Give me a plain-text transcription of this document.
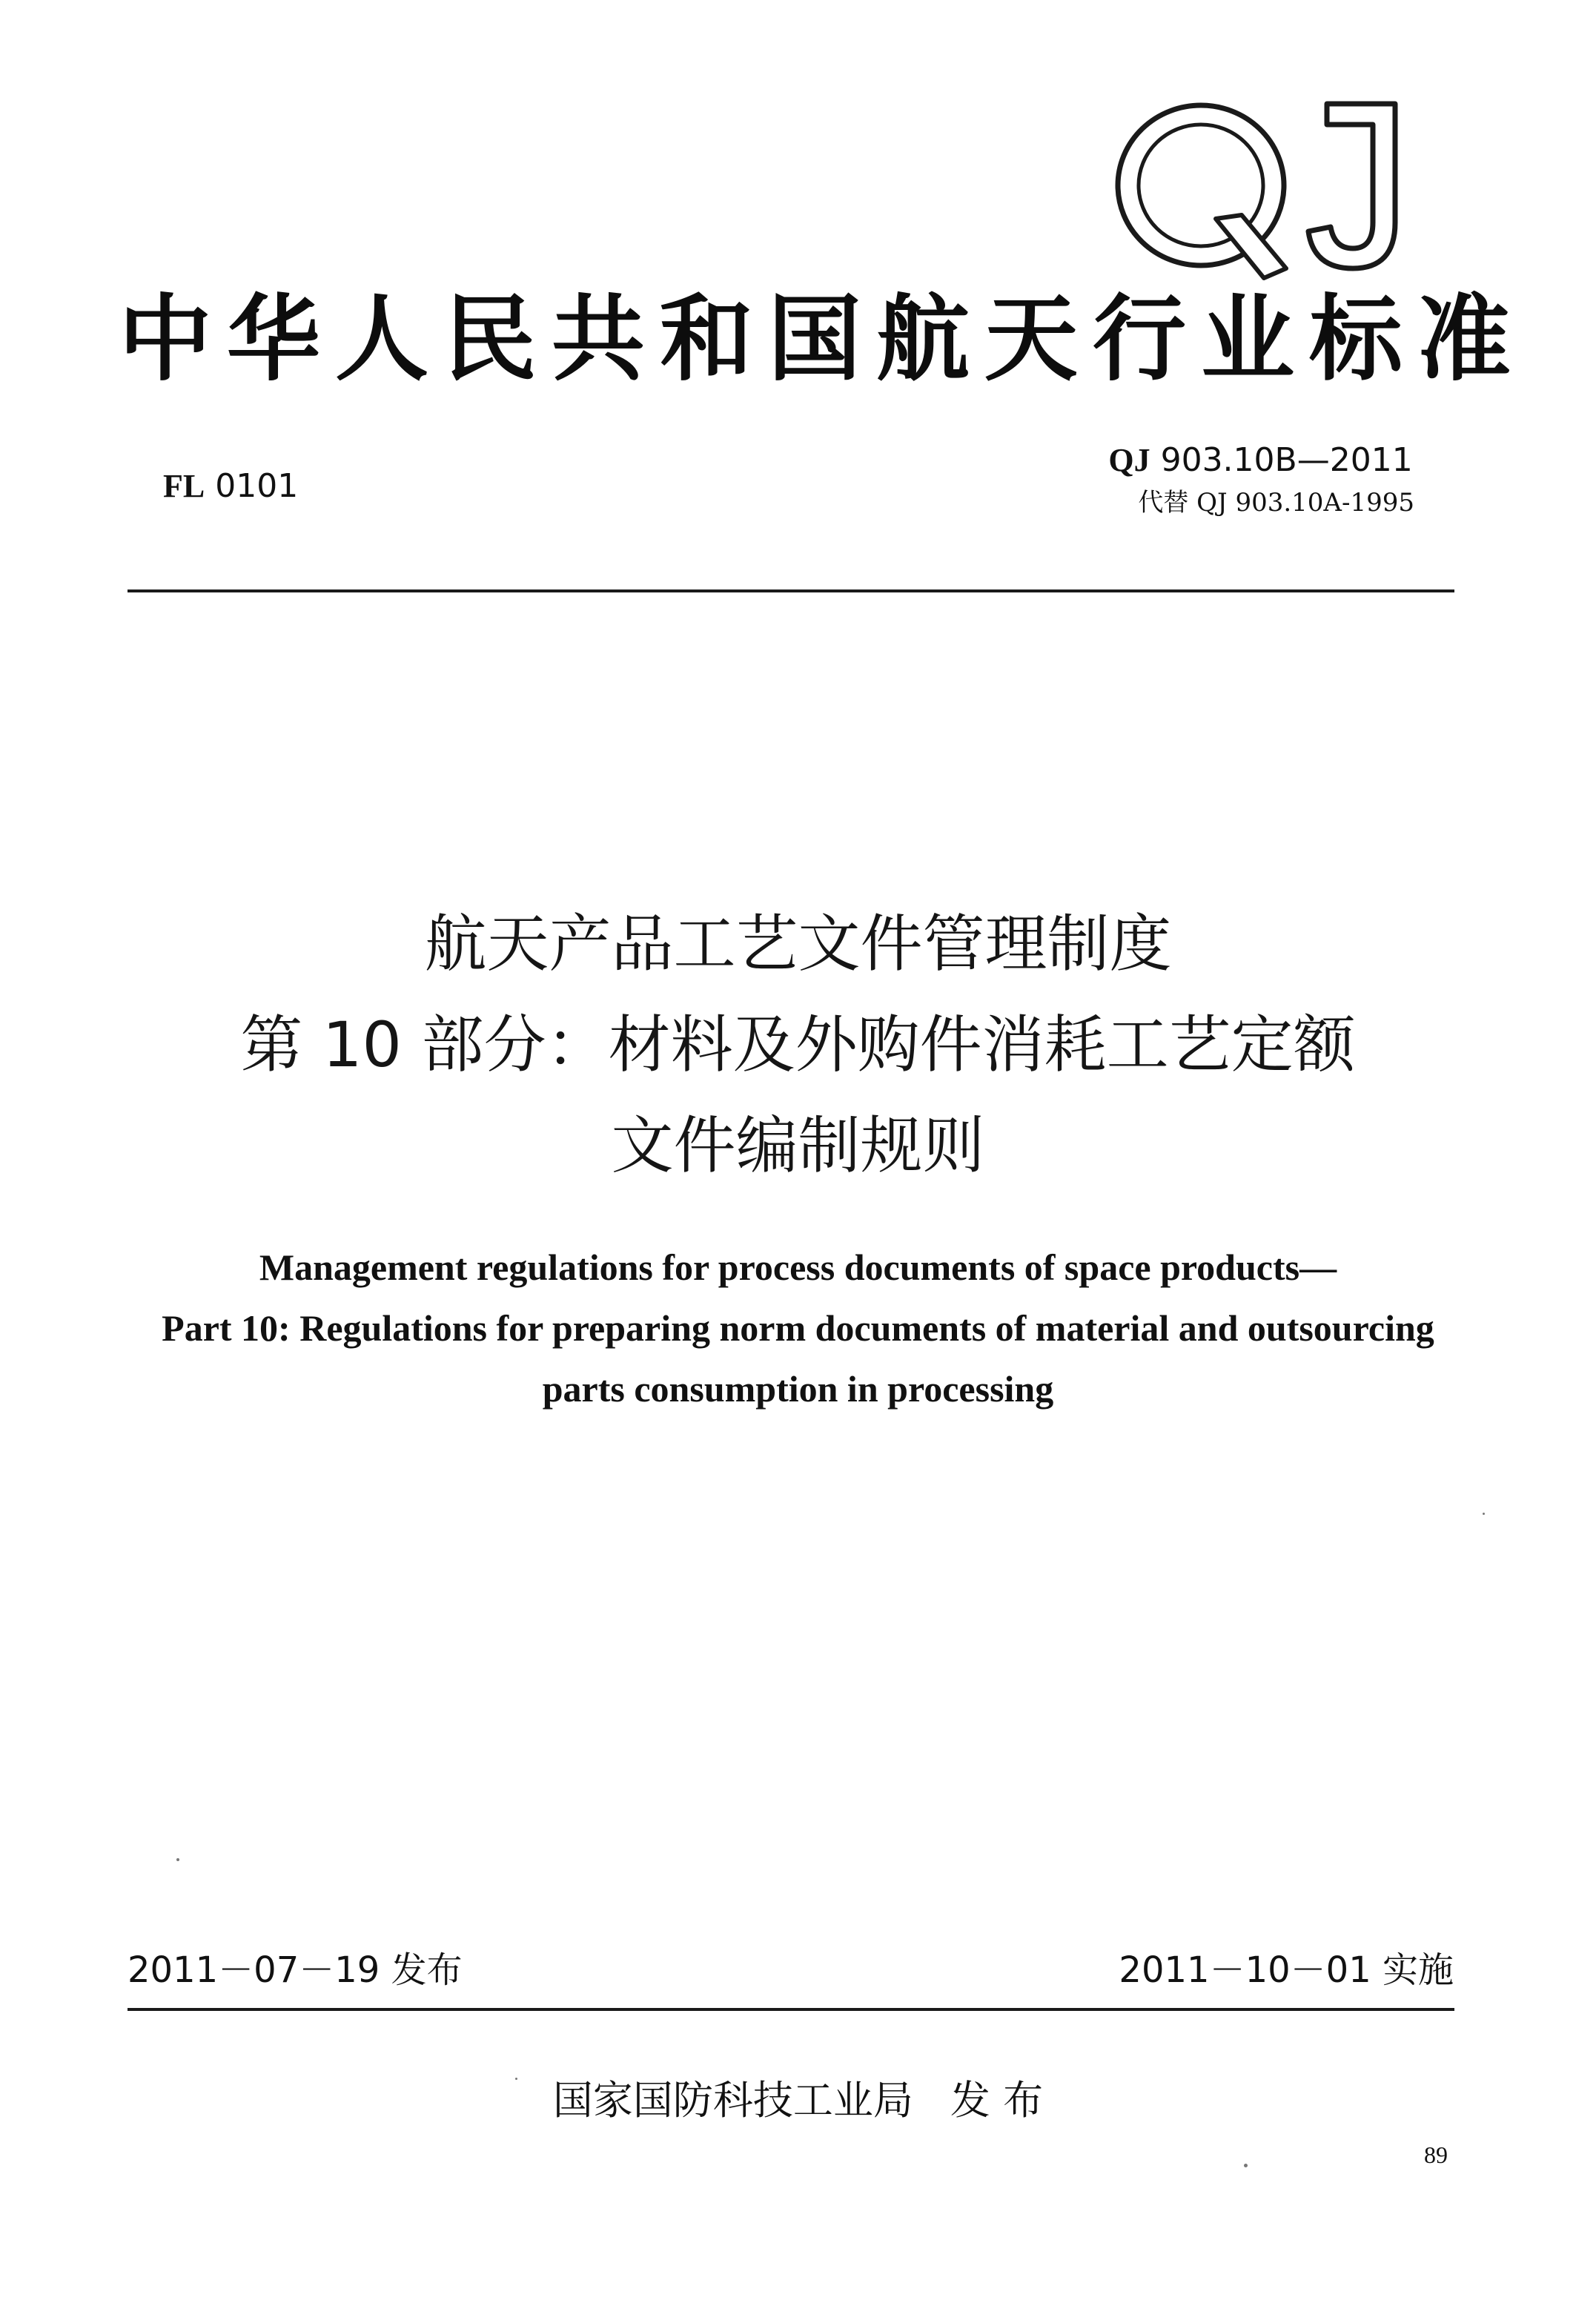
QJ
中华人民共和国航天行业标准
FL 0101
QJ 903.10B—2011
代替 QJ 903.10A-1995
航天产品工艺文件管理制度
第 10 部分：材料及外购件消耗工艺定额
文件编制规则
Management regulations for process documents of space products—
Part 10: Regulations for preparing norm documents of material and outsourcing
parts consumption in processing
2011－07－19 发布	2011－10－01 实施
国家国防科技工业局 发 布
89
